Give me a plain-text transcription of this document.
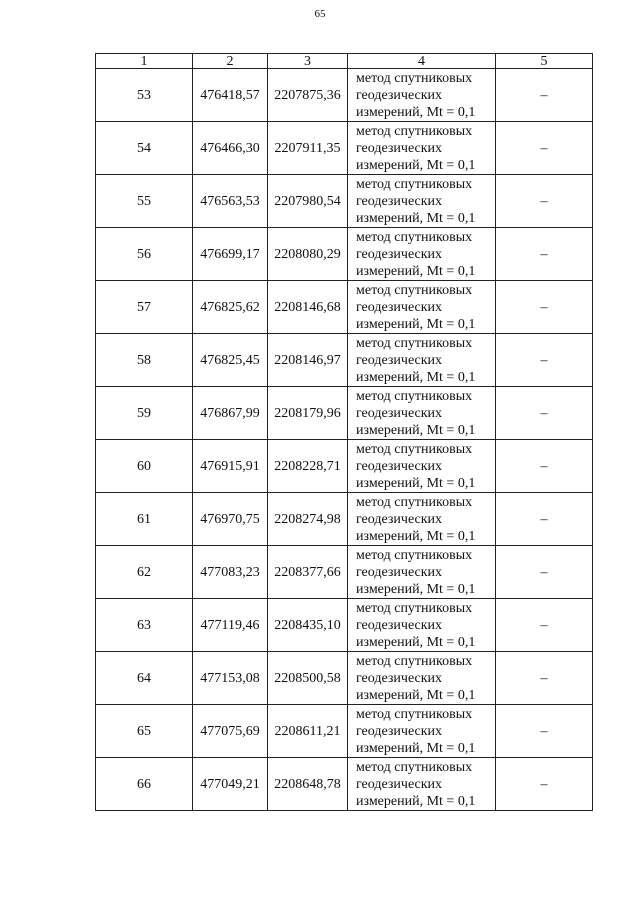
65
1	2	3	4	5
53	476418,57	2207875,36	метод спутниковых
геодезических
измерений, Mt = 0,1	–
54	476466,30	2207911,35	метод спутниковых
геодезических
измерений, Mt = 0,1	–
55	476563,53	2207980,54	метод спутниковых
геодезических
измерений, Mt = 0,1	–
56	476699,17	2208080,29	метод спутниковых
геодезических
измерений, Mt = 0,1	–
57	476825,62	2208146,68	метод спутниковых
геодезических
измерений, Mt = 0,1	–
58	476825,45	2208146,97	метод спутниковых
геодезических
измерений, Mt = 0,1	–
59	476867,99	2208179,96	метод спутниковых
геодезических
измерений, Mt = 0,1	–
60	476915,91	2208228,71	метод спутниковых
геодезических
измерений, Mt = 0,1	–
61	476970,75	2208274,98	метод спутниковых
геодезических
измерений, Mt = 0,1	–
62	477083,23	2208377,66	метод спутниковых
геодезических
измерений, Mt = 0,1	–
63	477119,46	2208435,10	метод спутниковых
геодезических
измерений, Mt = 0,1	–
64	477153,08	2208500,58	метод спутниковых
геодезических
измерений, Mt = 0,1	–
65	477075,69	2208611,21	метод спутниковых
геодезических
измерений, Mt = 0,1	–
66	477049,21	2208648,78	метод спутниковых
геодезических
измерений, Mt = 0,1	–
